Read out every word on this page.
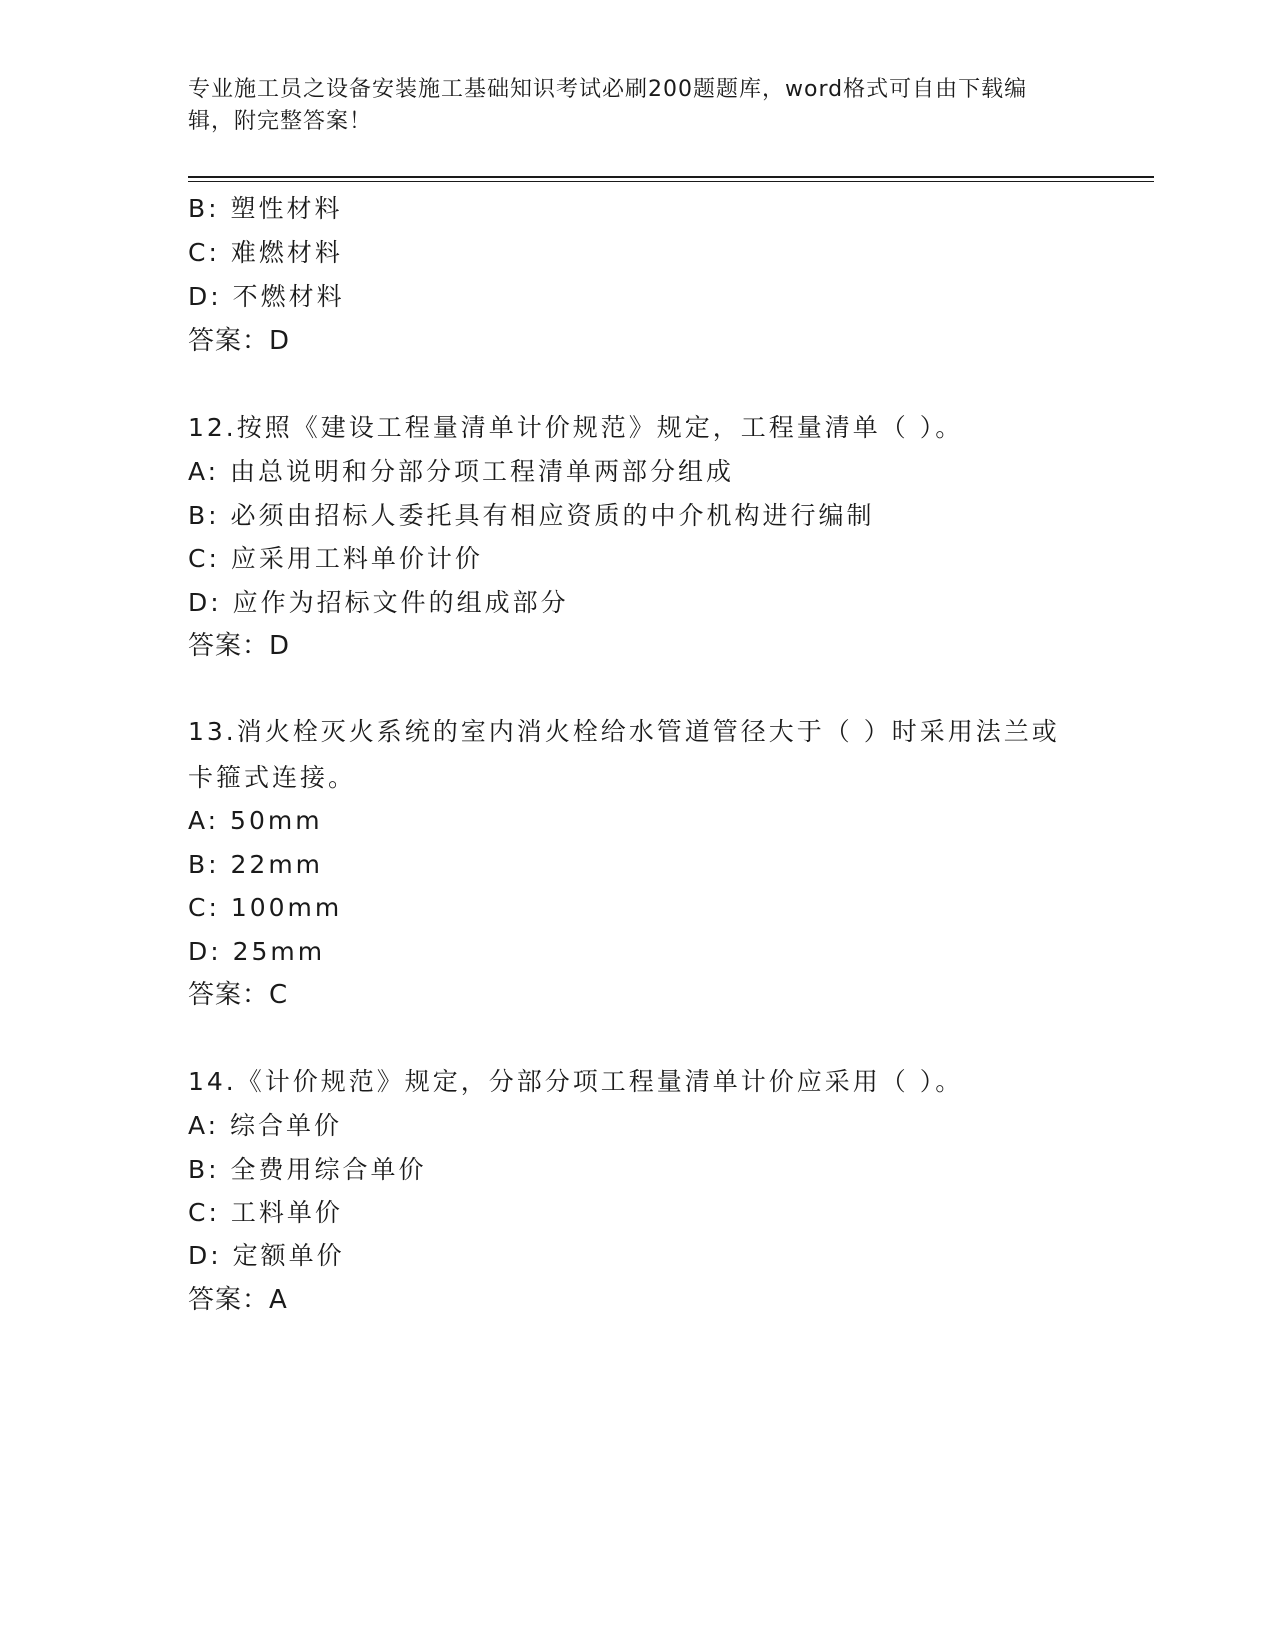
专业施工员之设备安装施工基础知识考试必刷200题题库，word格式可自由下载编辑，附完整答案！
B: 塑性材料
C: 难燃材料
D: 不燃材料
答案：D
12.按照《建设工程量清单计价规范》规定，工程量清单（ ）。
A: 由总说明和分部分项工程清单两部分组成
B: 必须由招标人委托具有相应资质的中介机构进行编制
C: 应采用工料单价计价
D: 应作为招标文件的组成部分
答案：D
13.消火栓灭火系统的室内消火栓给水管道管径大于（ ）时采用法兰或卡箍式连接。
A: 50mm
B: 22mm
C: 100mm
D: 25mm
答案：C
14.《计价规范》规定，分部分项工程量清单计价应采用（ ）。
A: 综合单价
B: 全费用综合单价
C: 工料单价
D: 定额单价
答案：A
